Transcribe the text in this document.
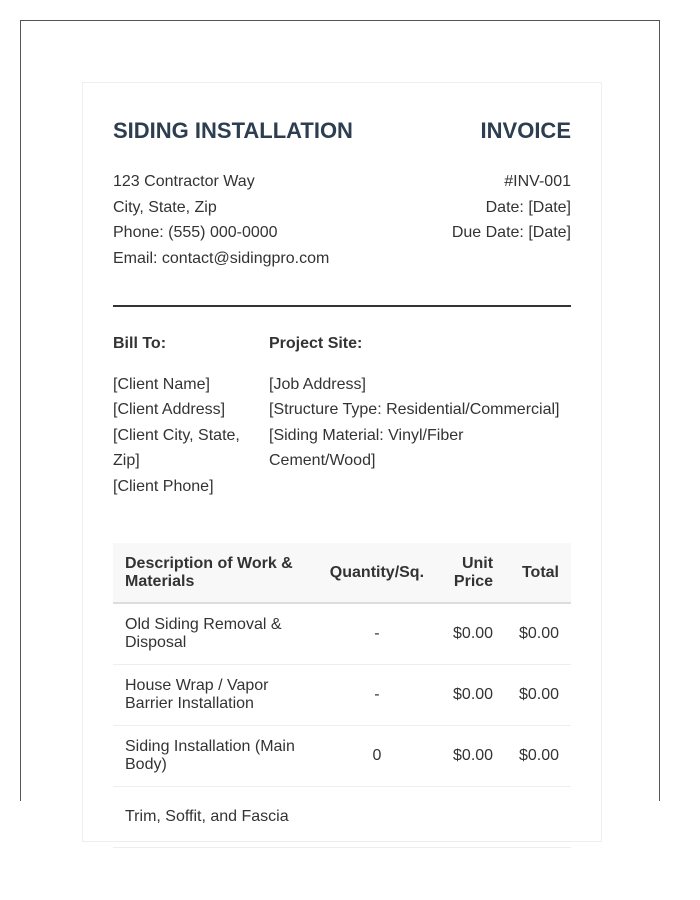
SIDING INSTALLATION	INVOICE
123 Contractor Way
City, State, Zip
Phone: (555) 000-0000
Email: contact@sidingpro.com
#INV-001
Date: [Date]
Due Date: [Date]
Bill To:
[Client Name]
[Client Address]
[Client City, State, Zip]
[Client Phone]
Project Site:
[Job Address]
[Structure Type: Residential/Commercial]
[Siding Material: Vinyl/Fiber Cement/Wood]
Description of Work & Materials	Quantity/Sq.	Unit Price	Total
Old Siding Removal & Disposal	-	$0.00	$0.00
House Wrap / Vapor Barrier Installation	-	$0.00	$0.00
Siding Installation (Main Body)	0	$0.00	$0.00
Trim, Soffit, and Fascia			
